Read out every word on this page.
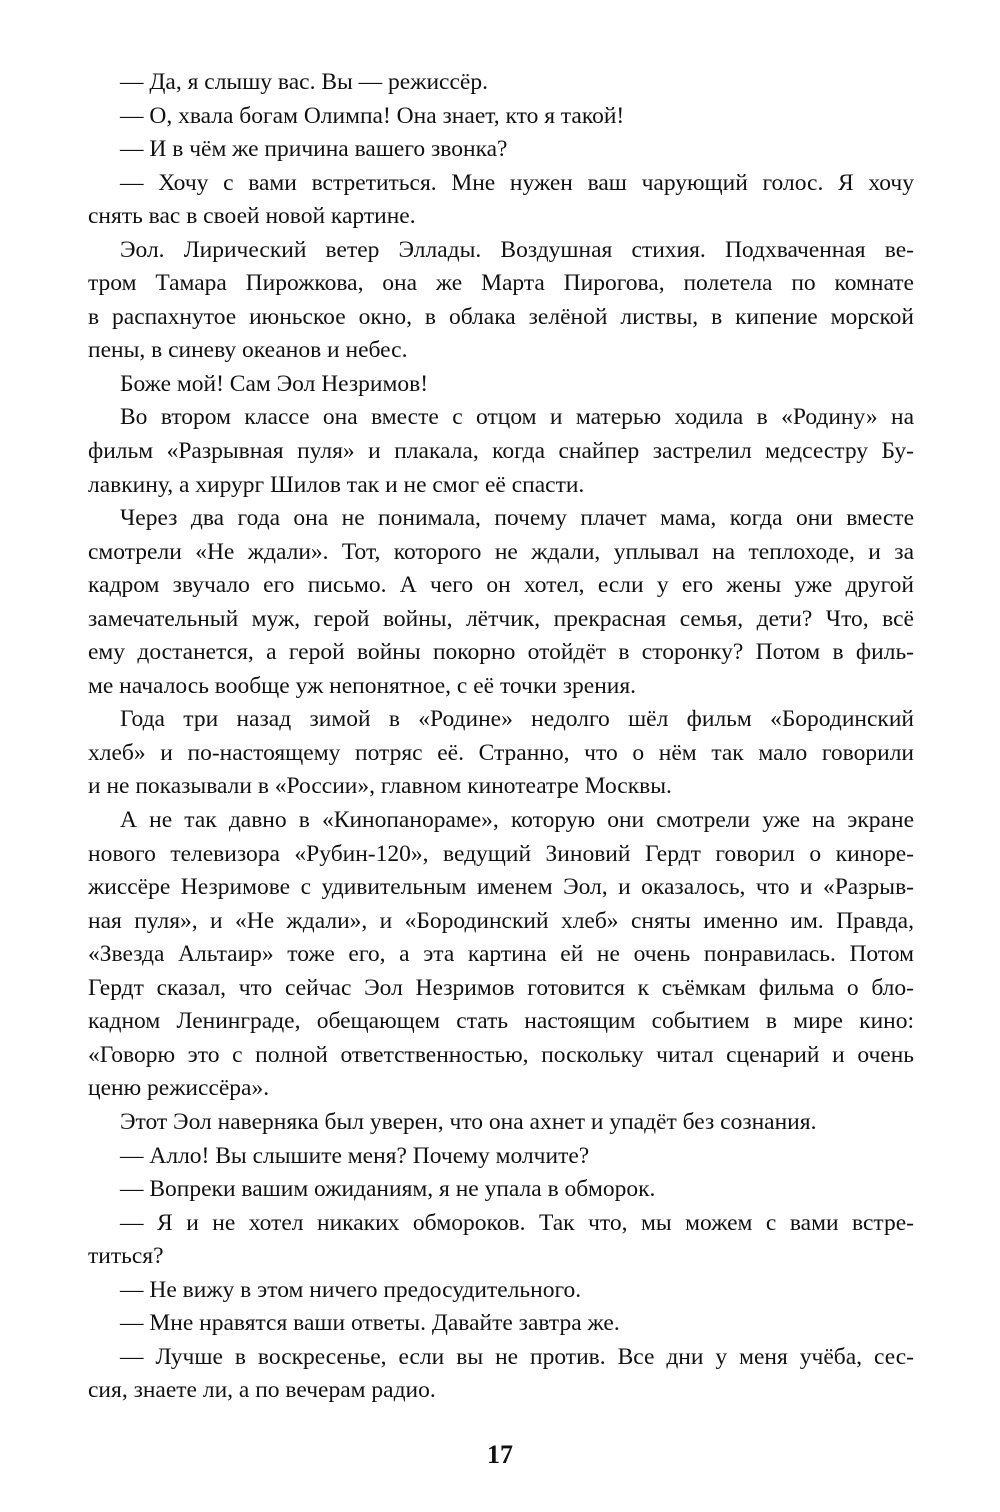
— Да, я слышу вас. Вы — режиссёр.
— О, хвала богам Олимпа! Она знает, кто я такой!
— И в чём же причина вашего звонка?
— Хочу с вами встретиться. Мне нужен ваш чарующий голос. Я хочу
снять вас в своей новой картине.
Эол. Лирический ветер Эллады. Воздушная стихия. Подхваченная ве-
тром Тамара Пирожкова, она же Марта Пирогова, полетела по комнате
в распахнутое июньское окно, в облака зелёной листвы, в кипение морской
пены, в синеву океанов и небес.
Боже мой! Сам Эол Незримов!
Во втором классе она вместе с отцом и матерью ходила в «Родину» на
фильм «Разрывная пуля» и плакала, когда снайпер застрелил медсестру Бу-
лавкину, а хирург Шилов так и не смог её спасти.
Через два года она не понимала, почему плачет мама, когда они вместе
смотрели «Не ждали». Тот, которого не ждали, уплывал на теплоходе, и за
кадром звучало его письмо. А чего он хотел, если у его жены уже другой
замечательный муж, герой войны, лётчик, прекрасная семья, дети? Что, всё
ему достанется, а герой войны покорно отойдёт в сторонку? Потом в филь-
ме началось вообще уж непонятное, с её точки зрения.
Года три назад зимой в «Родине» недолго шёл фильм «Бородинский
хлеб» и по-настоящему потряс её. Странно, что о нём так мало говорили
и не показывали в «России», главном кинотеатре Москвы.
А не так давно в «Кинопанораме», которую они смотрели уже на экране
нового телевизора «Рубин-120», ведущий Зиновий Гердт говорил о киноре-
жиссёре Незримове с удивительным именем Эол, и оказалось, что и «Разрыв-
ная пуля», и «Не ждали», и «Бородинский хлеб» сняты именно им. Правда,
«Звезда Альтаир» тоже его, а эта картина ей не очень понравилась. Потом
Гердт сказал, что сейчас Эол Незримов готовится к съёмкам фильма о бло-
кадном Ленинграде, обещающем стать настоящим событием в мире кино:
«Говорю это с полной ответственностью, поскольку читал сценарий и очень
ценю режиссёра».
Этот Эол наверняка был уверен, что она ахнет и упадёт без сознания.
— Алло! Вы слышите меня? Почему молчите?
— Вопреки вашим ожиданиям, я не упала в обморок.
— Я и не хотел никаких обмороков. Так что, мы можем с вами встре-
титься?
— Не вижу в этом ничего предосудительного.
— Мне нравятся ваши ответы. Давайте завтра же.
— Лучше в воскресенье, если вы не против. Все дни у меня учёба, сес-
сия, знаете ли, а по вечерам радио.
17
